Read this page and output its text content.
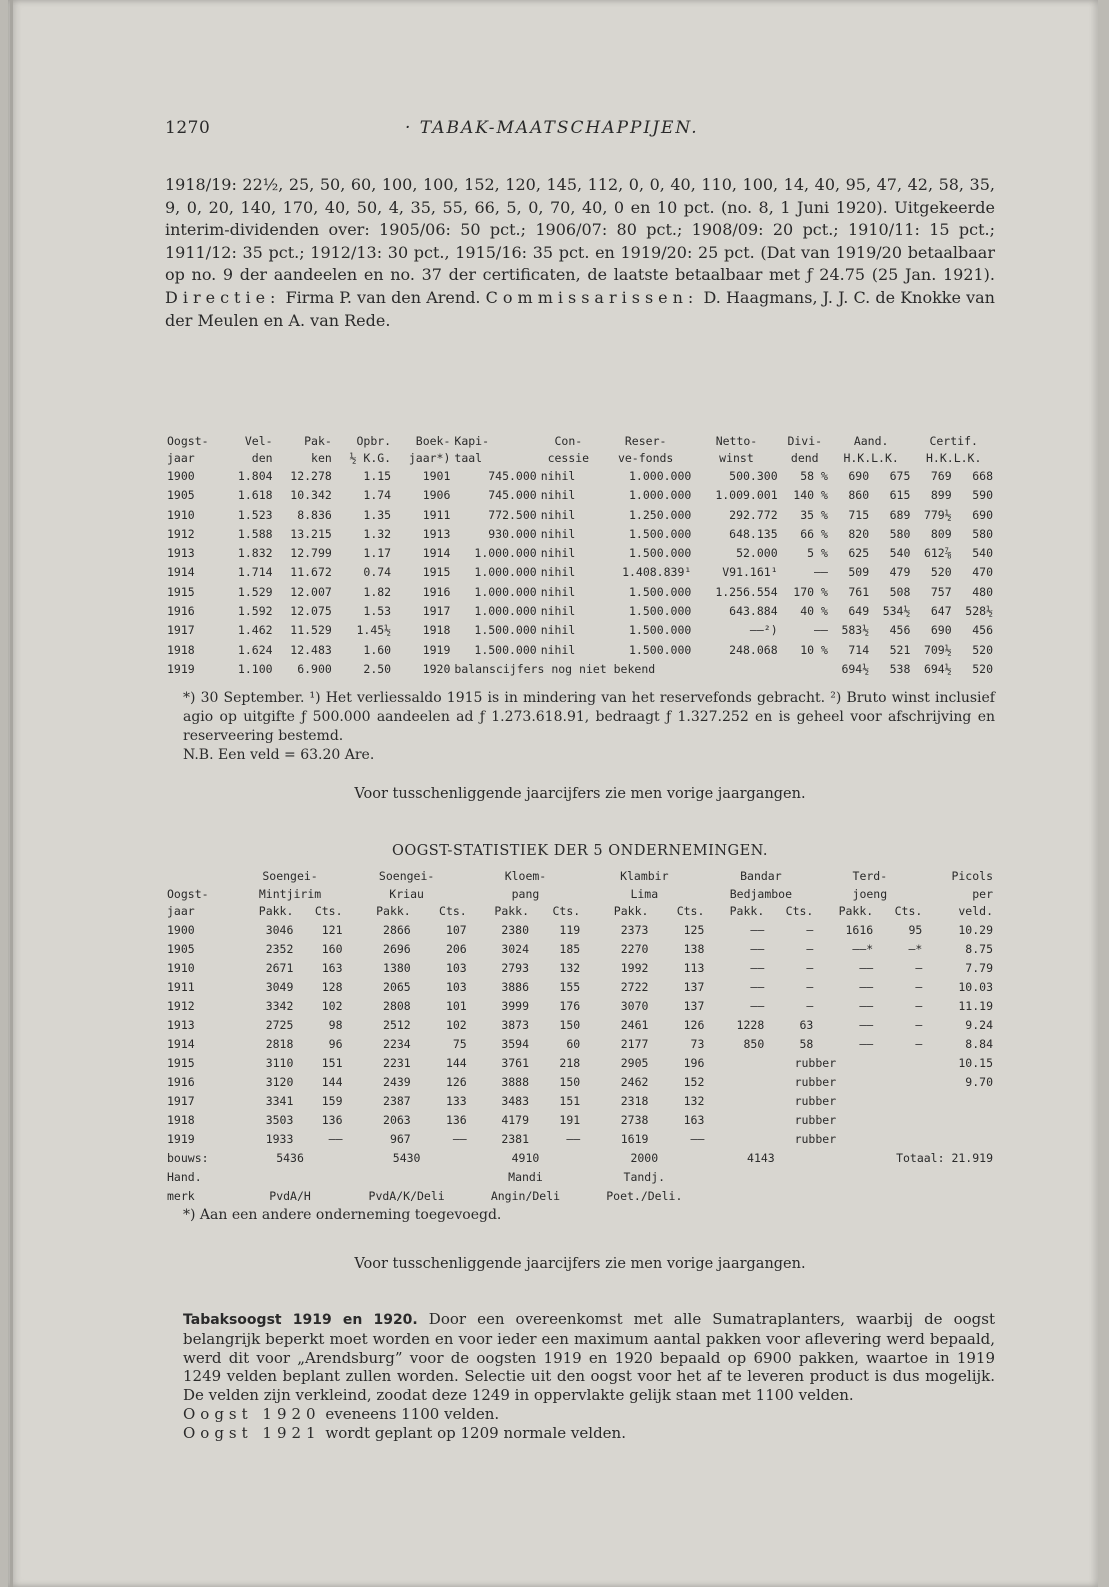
1270	· TABAK-MAATSCHAPPIJEN.
1918/19: 22½, 25, 50, 60, 100, 100, 152, 120, 145, 112, 0, 0, 40, 110, 100, 14, 40, 95, 47, 42, 58, 35, 9, 0, 20, 140, 170, 40, 50, 4, 35, 55, 66, 5, 0, 70, 40, 0 en 10 pct. (no. 8, 1 Juni 1920). Uitgekeerde interim-dividenden over: 1905/06: 50 pct.; 1906/07: 80 pct.; 1908/09: 20 pct.; 1910/11: 15 pct.; 1911/12: 35 pct.; 1912/13: 30 pct., 1915/16: 35 pct. en 1919/20: 25 pct. (Dat van 1919/20 betaalbaar op no. 9 der aandeelen en no. 37 der certificaten, de laatste betaalbaar met ƒ 24.75 (25 Jan. 1921). Directie: Firma P. van den Arend. Commissarissen: D. Haagmans, J. J. C. de Knokke van der Meulen en A. van Rede.
Oogst-	Vel-	Pak-	Opbr.	Boek-	Kapi-	Con-	Reser-	Netto-	Divi-	Aand.		Certif.	
jaar	den	ken	½ K.G.	jaar*)	taal	cessie	ve-fonds	winst	dend	H.K.L.K.		H.K.L.K.	
1900	1.804	12.278	1.15	1901	745.000	nihil	1.000.000	500.300	58 %	690	675	769	668
1905	1.618	10.342	1.74	1906	745.000	nihil	1.000.000	1.009.001	140 %	860	615	899	590
1910	1.523	8.836	1.35	1911	772.500	nihil	1.250.000	292.772	35 %	715	689	779½	690
1912	1.588	13.215	1.32	1913	930.000	nihil	1.500.000	648.135	66 %	820	580	809	580
1913	1.832	12.799	1.17	1914	1.000.000	nihil	1.500.000	52.000	5 %	625	540	612⅞	540
1914	1.714	11.672	0.74	1915	1.000.000	nihil	1.408.839¹	V91.161¹	——	509	479	520	470
1915	1.529	12.007	1.82	1916	1.000.000	nihil	1.500.000	1.256.554	170 %	761	508	757	480
1916	1.592	12.075	1.53	1917	1.000.000	nihil	1.500.000	643.884	40 %	649	534½	647	528½
1917	1.462	11.529	1.45½	1918	1.500.000	nihil	1.500.000	——²)	——	583½	456	690	456
1918	1.624	12.483	1.60	1919	1.500.000	nihil	1.500.000	248.068	10 %	714	521	709½	520
1919	1.100	6.900	2.50	1920	balanscijfers nog niet bekend					694½	538	694½	520
*) 30 September. ¹) Het verliessaldo 1915 is in mindering van het reservefonds gebracht. ²) Bruto winst inclusief agio op uitgifte ƒ 500.000 aandeelen ad ƒ 1.273.618.91, bedraagt ƒ 1.327.252 en is geheel voor afschrijving en reserveering bestemd.
N.B. Een veld = 63.20 Are.
Voor tusschenliggende jaarcijfers zie men vorige jaargangen.
OOGST-STATISTIEK DER 5 ONDERNEMINGEN.
	Soengei-		Soengei-		Kloem-		Klambir		Bandar		Terd-		Picols
Oogst-	Mintjirim		Kriau		pang		Lima		Bedjamboe		joeng		per
jaar	Pakk.	Cts.	Pakk.	Cts.	Pakk.	Cts.	Pakk.	Cts.	Pakk.	Cts.	Pakk.	Cts.	veld.
1900	3046	121	2866	107	2380	119	2373	125	——	—	1616	95	10.29
1905	2352	160	2696	206	3024	185	2270	138	——	—	——*	—*	8.75
1910	2671	163	1380	103	2793	132	1992	113	——	—	——	—	7.79
1911	3049	128	2065	103	3886	155	2722	137	——	—	——	—	10.03
1912	3342	102	2808	101	3999	176	3070	137	——	—	——	—	11.19
1913	2725	98	2512	102	3873	150	2461	126	1228	63	——	—	9.24
1914	2818	96	2234	75	3594	60	2177	73	850	58	——	—	8.84
1915	3110	151	2231	144	3761	218	2905	196	rubber				10.15
1916	3120	144	2439	126	3888	150	2462	152	rubber				9.70
1917	3341	159	2387	133	3483	151	2318	132	rubber				
1918	3503	136	2063	136	4179	191	2738	163	rubber				
1919	1933	——	967	——	2381	——	1619	——	rubber				
bouws:	5436		5430		4910		2000		4143		Totaal: 21.919		
Hand.					Mandi		Tandj.						
merk	PvdA/H		PvdA/K/Deli		Angin/Deli		Poet./Deli.						
*) Aan een andere onderneming toegevoegd.
Voor tusschenliggende jaarcijfers zie men vorige jaargangen.
Tabaksoogst 1919 en 1920. Door een overeenkomst met alle Sumatraplanters, waarbij de oogst belangrijk beperkt moet worden en voor ieder een maximum aantal pakken voor aflevering werd bepaald, werd dit voor „Arendsburg” voor de oogsten 1919 en 1920 bepaald op 6900 pakken, waartoe in 1919 1249 velden beplant zullen worden. Selectie uit den oogst voor het af te leveren product is dus mogelijk. De velden zijn verkleind, zoodat deze 1249 in oppervlakte gelijk staan met 1100 velden.
Oogst 1920 eveneens 1100 velden.
Oogst 1921 wordt geplant op 1209 normale velden.
